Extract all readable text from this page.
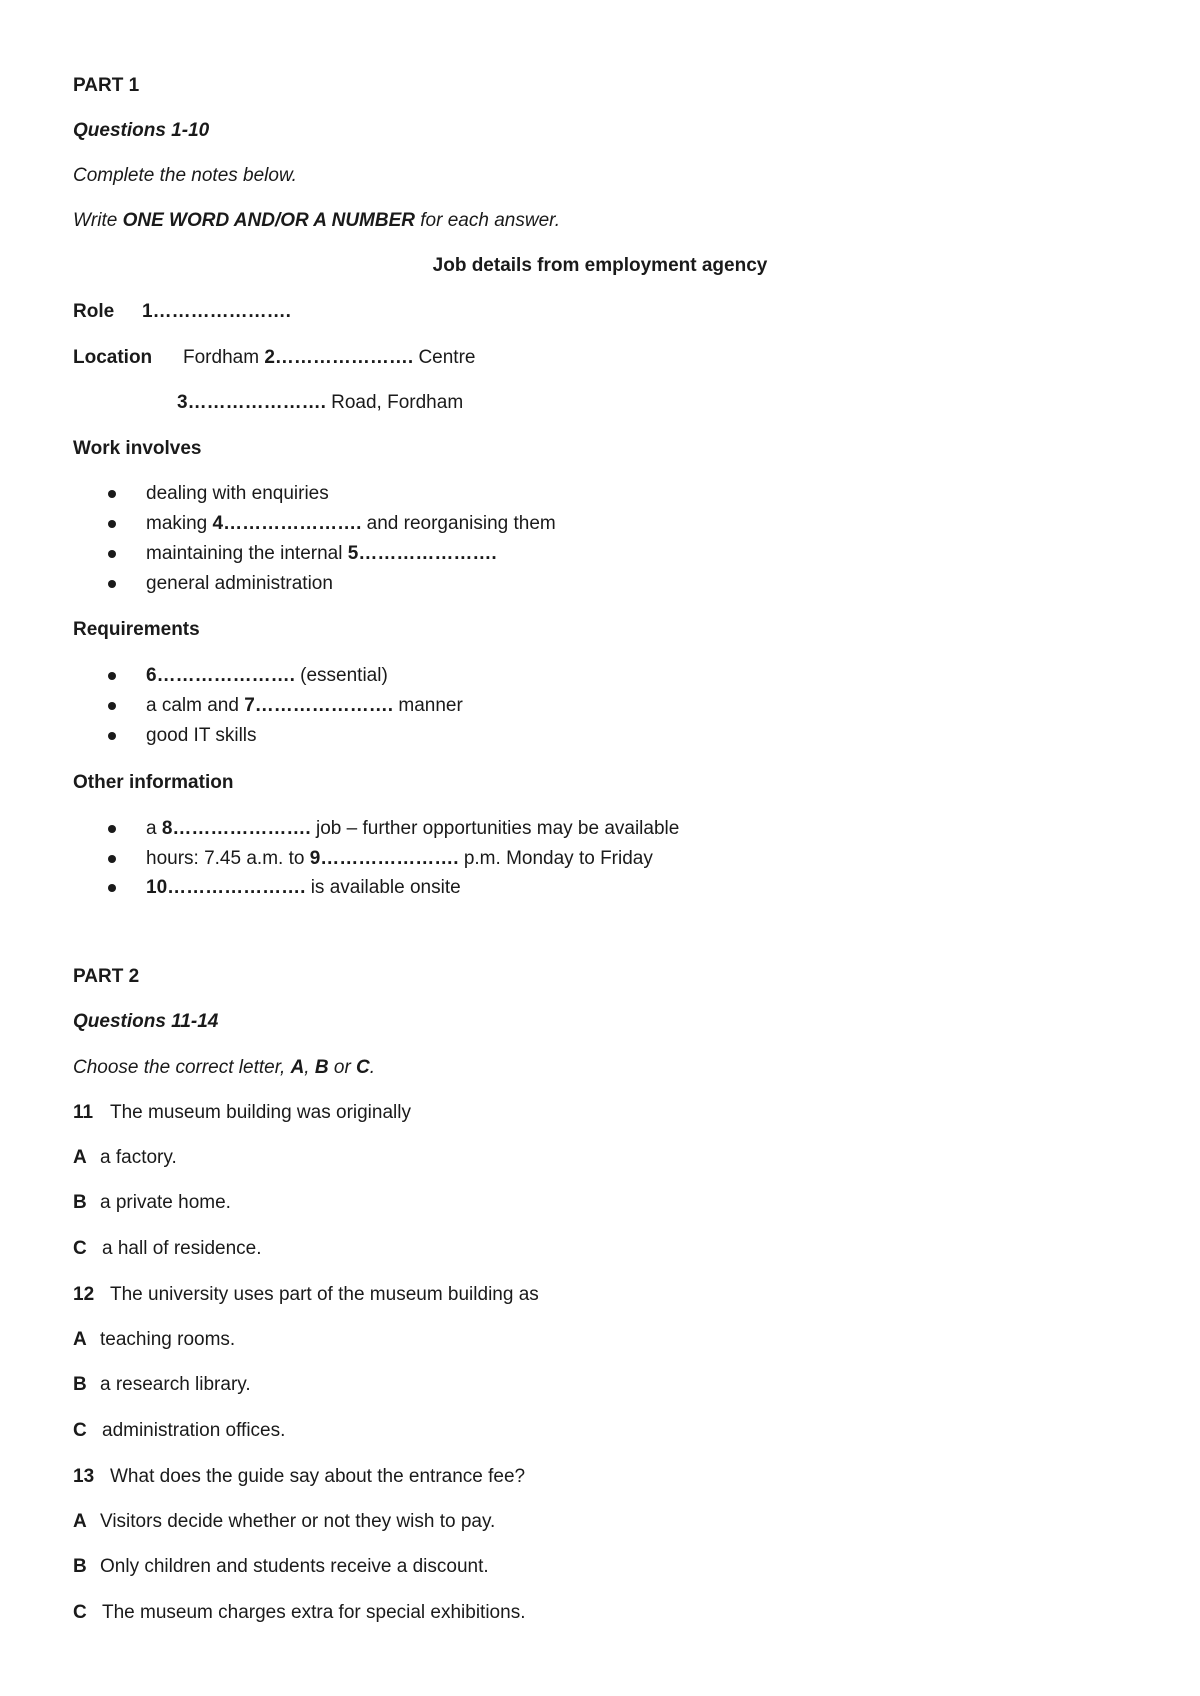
PART 1
Questions 1-10
Complete the notes below.
Write ONE WORD AND/OR A NUMBER for each answer.
Job details from employment agency
Role 1………………….
Location Fordham 2…………………. Centre
3…………………. Road, Fordham
Work involves
dealing with enquiries
making 4…………………. and reorganising them
maintaining the internal 5………………….
general administration
Requirements
6…………………. (essential)
a calm and 7…………………. manner
good IT skills
Other information
a 8…………………. job – further opportunities may be available
hours: 7.45 a.m. to 9…………………. p.m. Monday to Friday
10…………………. is available onsite
PART 2
Questions 11-14
Choose the correct letter, A, B or C.
11 The museum building was originally
A a factory.
B a private home.
C a hall of residence.
12 The university uses part of the museum building as
A teaching rooms.
B a research library.
C administration offices.
13 What does the guide say about the entrance fee?
A Visitors decide whether or not they wish to pay.
B Only children and students receive a discount.
C The museum charges extra for special exhibitions.
